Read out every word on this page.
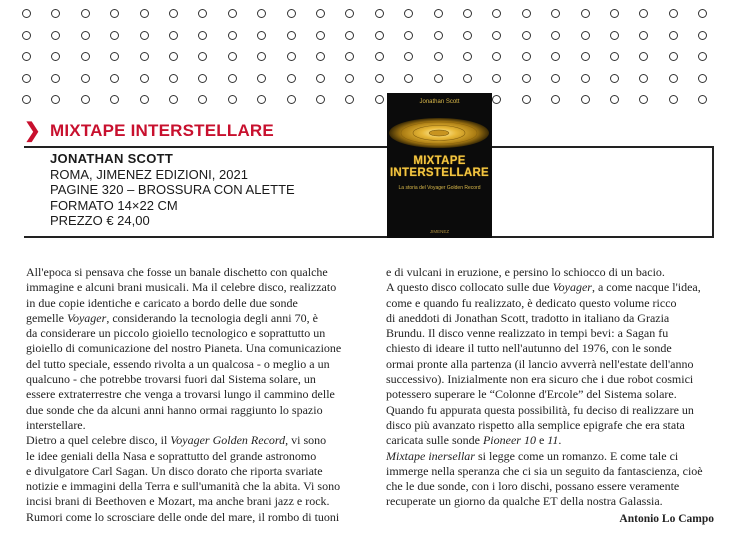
❯ MIXTAPE INTERSTELLARE
JONATHAN SCOTT
ROMA, JIMENEZ EDIZIONI, 2021
PAGINE 320 – BROSSURA CON ALETTE
FORMATO 14×22 CM
PREZZO € 24,00
Jonathan Scott
MIXTAPE
INTERSTELLARE
La storia del Voyager Golden Record
JIMENEZ
All'epoca si pensava che fosse un banale dischetto con qualche
immagine e alcuni brani musicali. Ma il celebre disco, realizzato
in due copie identiche e caricato a bordo delle due sonde
gemelle Voyager, considerando la tecnologia degli anni 70, è
da considerare un piccolo gioiello tecnologico e soprattutto un
gioiello di comunicazione del nostro Pianeta. Una comunicazione
del tutto speciale, essendo rivolta a un qualcosa - o meglio a un
qualcuno - che potrebbe trovarsi fuori dal Sistema solare, un
essere extraterrestre che venga a trovarsi lungo il cammino delle
due sonde che da alcuni anni hanno ormai raggiunto lo spazio
interstellare.
Dietro a quel celebre disco, il Voyager Golden Record, vi sono
le idee geniali della Nasa e soprattutto del grande astronomo
e divulgatore Carl Sagan. Un disco dorato che riporta svariate
notizie e immagini della Terra e sull'umanità che la abita. Vi sono
incisi brani di Beethoven e Mozart, ma anche brani jazz e rock.
Rumori come lo scrosciare delle onde del mare, il rombo di tuoni
e di vulcani in eruzione, e persino lo schiocco di un bacio.
A questo disco collocato sulle due Voyager, a come nacque l'idea,
come e quando fu realizzato, è dedicato questo volume ricco
di aneddoti di Jonathan Scott, tradotto in italiano da Grazia
Brundu. Il disco venne realizzato in tempi bevi: a Sagan fu
chiesto di ideare il tutto nell'autunno del 1976, con le sonde
ormai pronte alla partenza (il lancio avverrà nell'estate dell'anno
successivo). Inizialmente non era sicuro che i due robot cosmici
potessero superare le “Colonne d'Ercole” del Sistema solare.
Quando fu appurata questa possibilità, fu deciso di realizzare un
disco più avanzato rispetto alla semplice epigrafe che era stata
caricata sulle sonde Pioneer 10 e 11.
Mixtape inersellar si legge come un romanzo. E come tale ci
immerge nella speranza che ci sia un seguito da fantascienza, cioè
che le due sonde, con i loro dischi, possano essere veramente
recuperate un giorno da qualche ET della nostra Galassia.
Antonio Lo Campo
